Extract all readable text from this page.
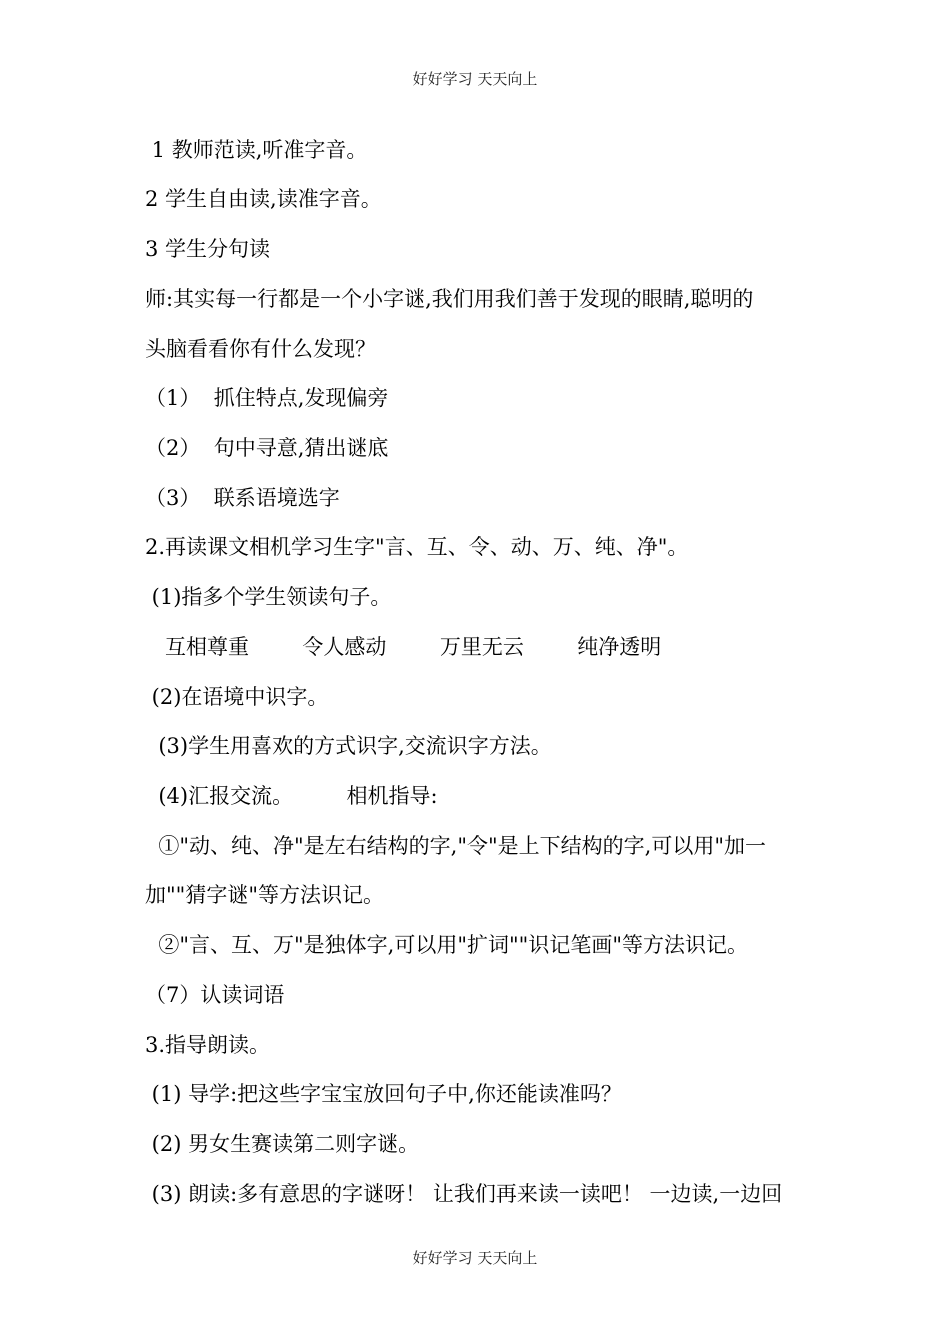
好好学习 天天向上
1 教师范读,听准字音。
2 学生自由读,读准字音。
3 学生分句读
师:其实每一行都是一个小字谜,我们用我们善于发现的眼睛,聪明的
头脑看看你有什么发现？
（1）  抓住特点,发现偏旁
（2）  句中寻意,猜出谜底
（3）  联系语境选字
2.再读课文相机学习生字"言、互、令、动、万、纯、净"。
(1)指多个学生领读句子。
互相尊重        令人感动        万里无云        纯净透明
(2)在语境中识字。
(3)学生用喜欢的方式识字,交流识字方法。
(4)汇报交流。        相机指导:
①"动、纯、净"是左右结构的字,"令"是上下结构的字,可以用"加一
加""猜字谜"等方法识记。
②"言、互、万"是独体字,可以用"扩词""识记笔画"等方法识记。
（7）认读词语
3.指导朗读。
(1) 导学:把这些字宝宝放回句子中,你还能读准吗？
(2) 男女生赛读第二则字谜。
(3) 朗读:多有意思的字谜呀！ 让我们再来读一读吧！ 一边读,一边回
好好学习 天天向上
